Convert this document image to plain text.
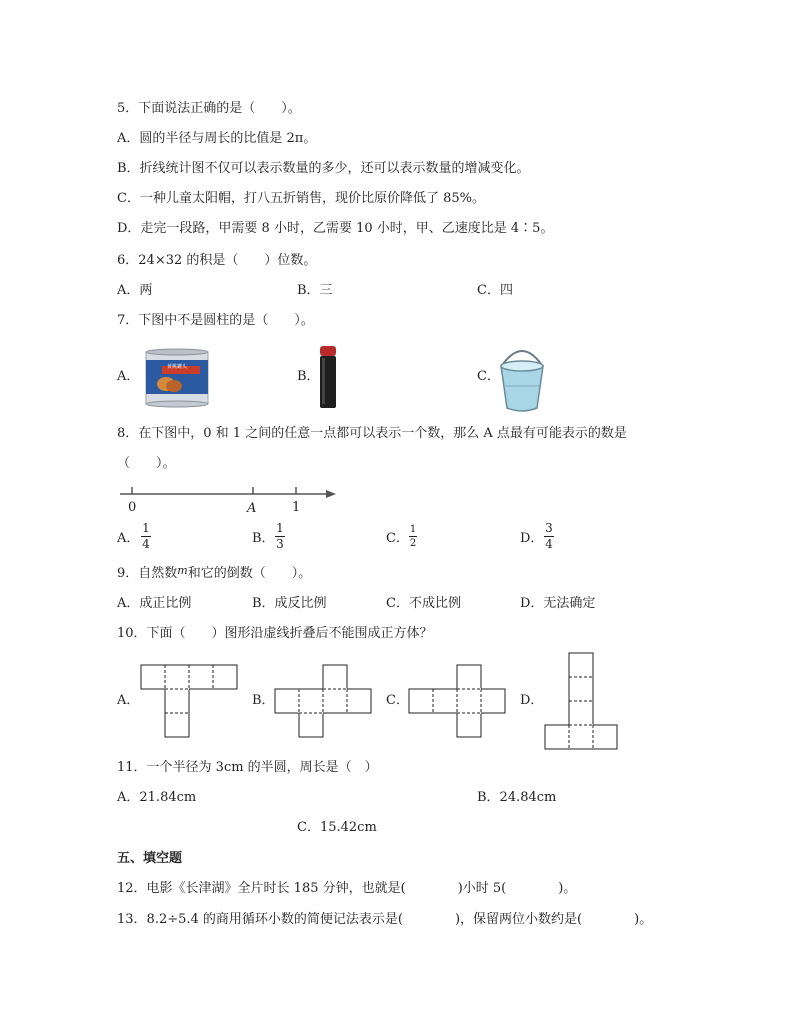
5．下面说法正确的是（　　）。
A．圆的半径与周长的比值是 2π。
B．折线统计图不仅可以表示数量的多少，还可以表示数量的增减变化。
C．一种儿童太阳帽，打八五折销售，现价比原价降低了 85%。
D．走完一段路，甲需要 8 小时，乙需要 10 小时，甲、乙速度比是 4∶5。
6．24×32 的积是（　　）位数。
A．两	B．三	C．四
7．下图中不是圆柱的是（　　）。
A．	B．	C．
黄桃罐头
8．在下图中，0 和 1 之间的任意一点都可以表示一个数，那么 A 点最有可能表示的数是
（　　）。
0	A	1
A．
1
4	B．
1
3	C．
1
2	D．
3
4
9．自然数$^m$和它的倒数（　　）。
A．成正比例	B．成反比例	C．不成比例	D．无法确定
10．下面（　　）图形沿虚线折叠后不能围成正方体？
A．	B．	C．	D．
11．一个半径为 3cm 的半圆，周长是（　）
A．21.84cm	B．24.84cm
C．15.42cm
五、填空题
12．电影《长津湖》全片时长 185 分钟，也就是(　　　　)小时 5(　　　　)。
13．8.2÷5.4 的商用循环小数的简便记法表示是(　　　　)，保留两位小数约是(　　　　)。
